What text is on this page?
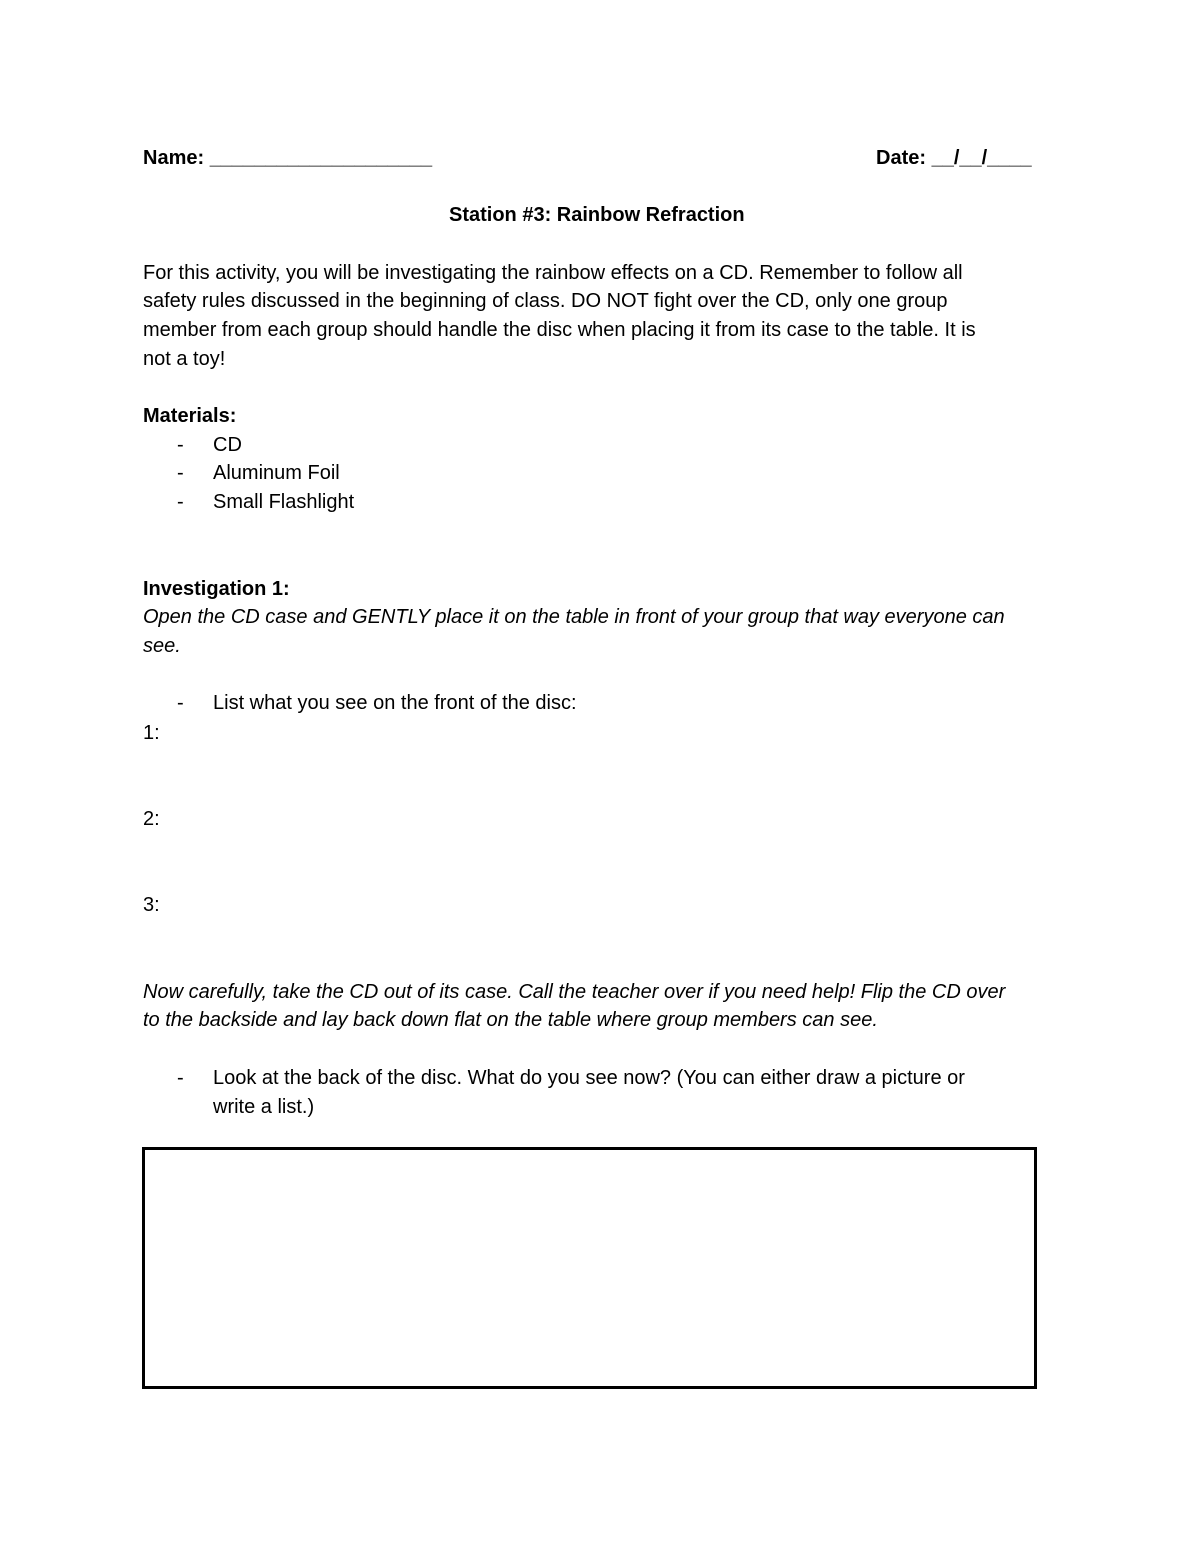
Name: ____________________	Date: __/__/____
Station #3: Rainbow Refraction
For this activity, you will be investigating the rainbow effects on a CD. Remember to follow all
safety rules discussed in the beginning of class. DO NOT fight over the CD, only one group
member from each group should handle the disc when placing it from its case to the table. It is
not a toy!
Materials:
- CD
- Aluminum Foil
- Small Flashlight
Investigation 1:
Open the CD case and GENTLY place it on the table in front of your group that way everyone can
see.
- List what you see on the front of the disc:
1:
2:
3:
Now carefully, take the CD out of its case. Call the teacher over if you need help! Flip the CD over
to the backside and lay back down flat on the table where group members can see.
- Look at the back of the disc. What do you see now? (You can either draw a picture or
write a list.)
